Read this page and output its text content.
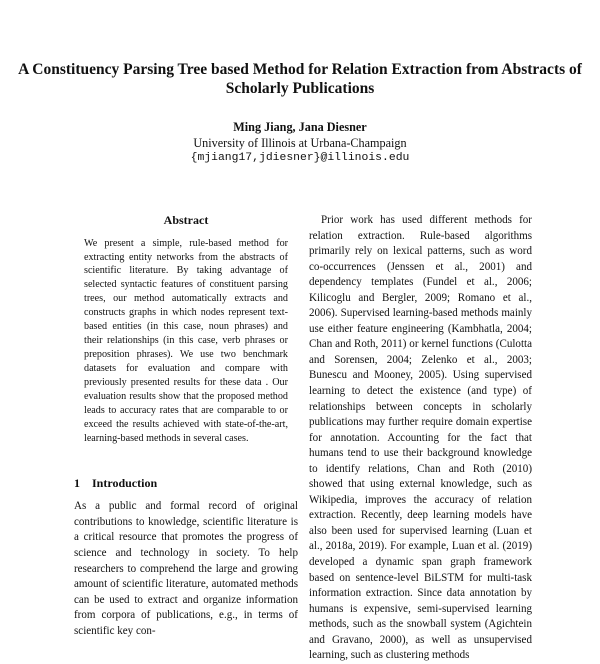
A Constituency Parsing Tree based Method for Relation Extraction from Abstracts of Scholarly Publications
Ming Jiang, Jana Diesner
University of Illinois at Urbana-Champaign
{mjiang17,jdiesner}@illinois.edu
Abstract

We present a simple, rule-based method for extracting entity networks from the abstracts of scientific literature. By taking advantage of selected syntactic features of constituent parsing trees, our method automatically extracts and constructs graphs in which nodes represent text-based entities (in this case, noun phrases) and their relationships (in this case, verb phrases or preposition phrases). We use two benchmark datasets for evaluation and compare with previously presented results for these data . Our evaluation results show that the proposed method leads to accuracy rates that are comparable to or exceed the results achieved with state-of-the-art, learning-based methods in several cases.

1 Introduction

As a public and formal record of original contributions to knowledge, scientific literature is a critical resource that promotes the progress of science and technology in society. To help researchers to comprehend the large and growing amount of scientific literature, automated methods can be used to extract and organize information from corpora of publications, e.g., in terms of scientific key con-

Prior work has used different methods for relation extraction. Rule-based algorithms primarily rely on lexical patterns, such as word co-occurrences (Jenssen et al., 2001) and dependency templates (Fundel et al., 2006; Kilicoglu and Bergler, 2009; Romano et al., 2006). Supervised learning-based methods mainly use either feature engineering (Kambhatla, 2004; Chan and Roth, 2011) or kernel functions (Culotta and Sorensen, 2004; Zelenko et al., 2003; Bunescu and Mooney, 2005). Using supervised learning to detect the existence (and type) of relationships between concepts in scholarly publications may further require domain expertise for annotation. Accounting for the fact that humans tend to use their background knowledge to identify relations, Chan and Roth (2010) showed that using external knowledge, such as Wikipedia, improves the accuracy of relation extraction. Recently, deep learning models have also been used for supervised learning (Luan et al., 2018a, 2019). For example, Luan et al. (2019) developed a dynamic span graph framework based on sentence-level BiLSTM for multi-task information extraction. Since data annotation by humans is expensive, semi-supervised learning methods, such as the snowball system (Agichtein and Gravano, 2000), as well as unsupervised learning, such as clustering methods
